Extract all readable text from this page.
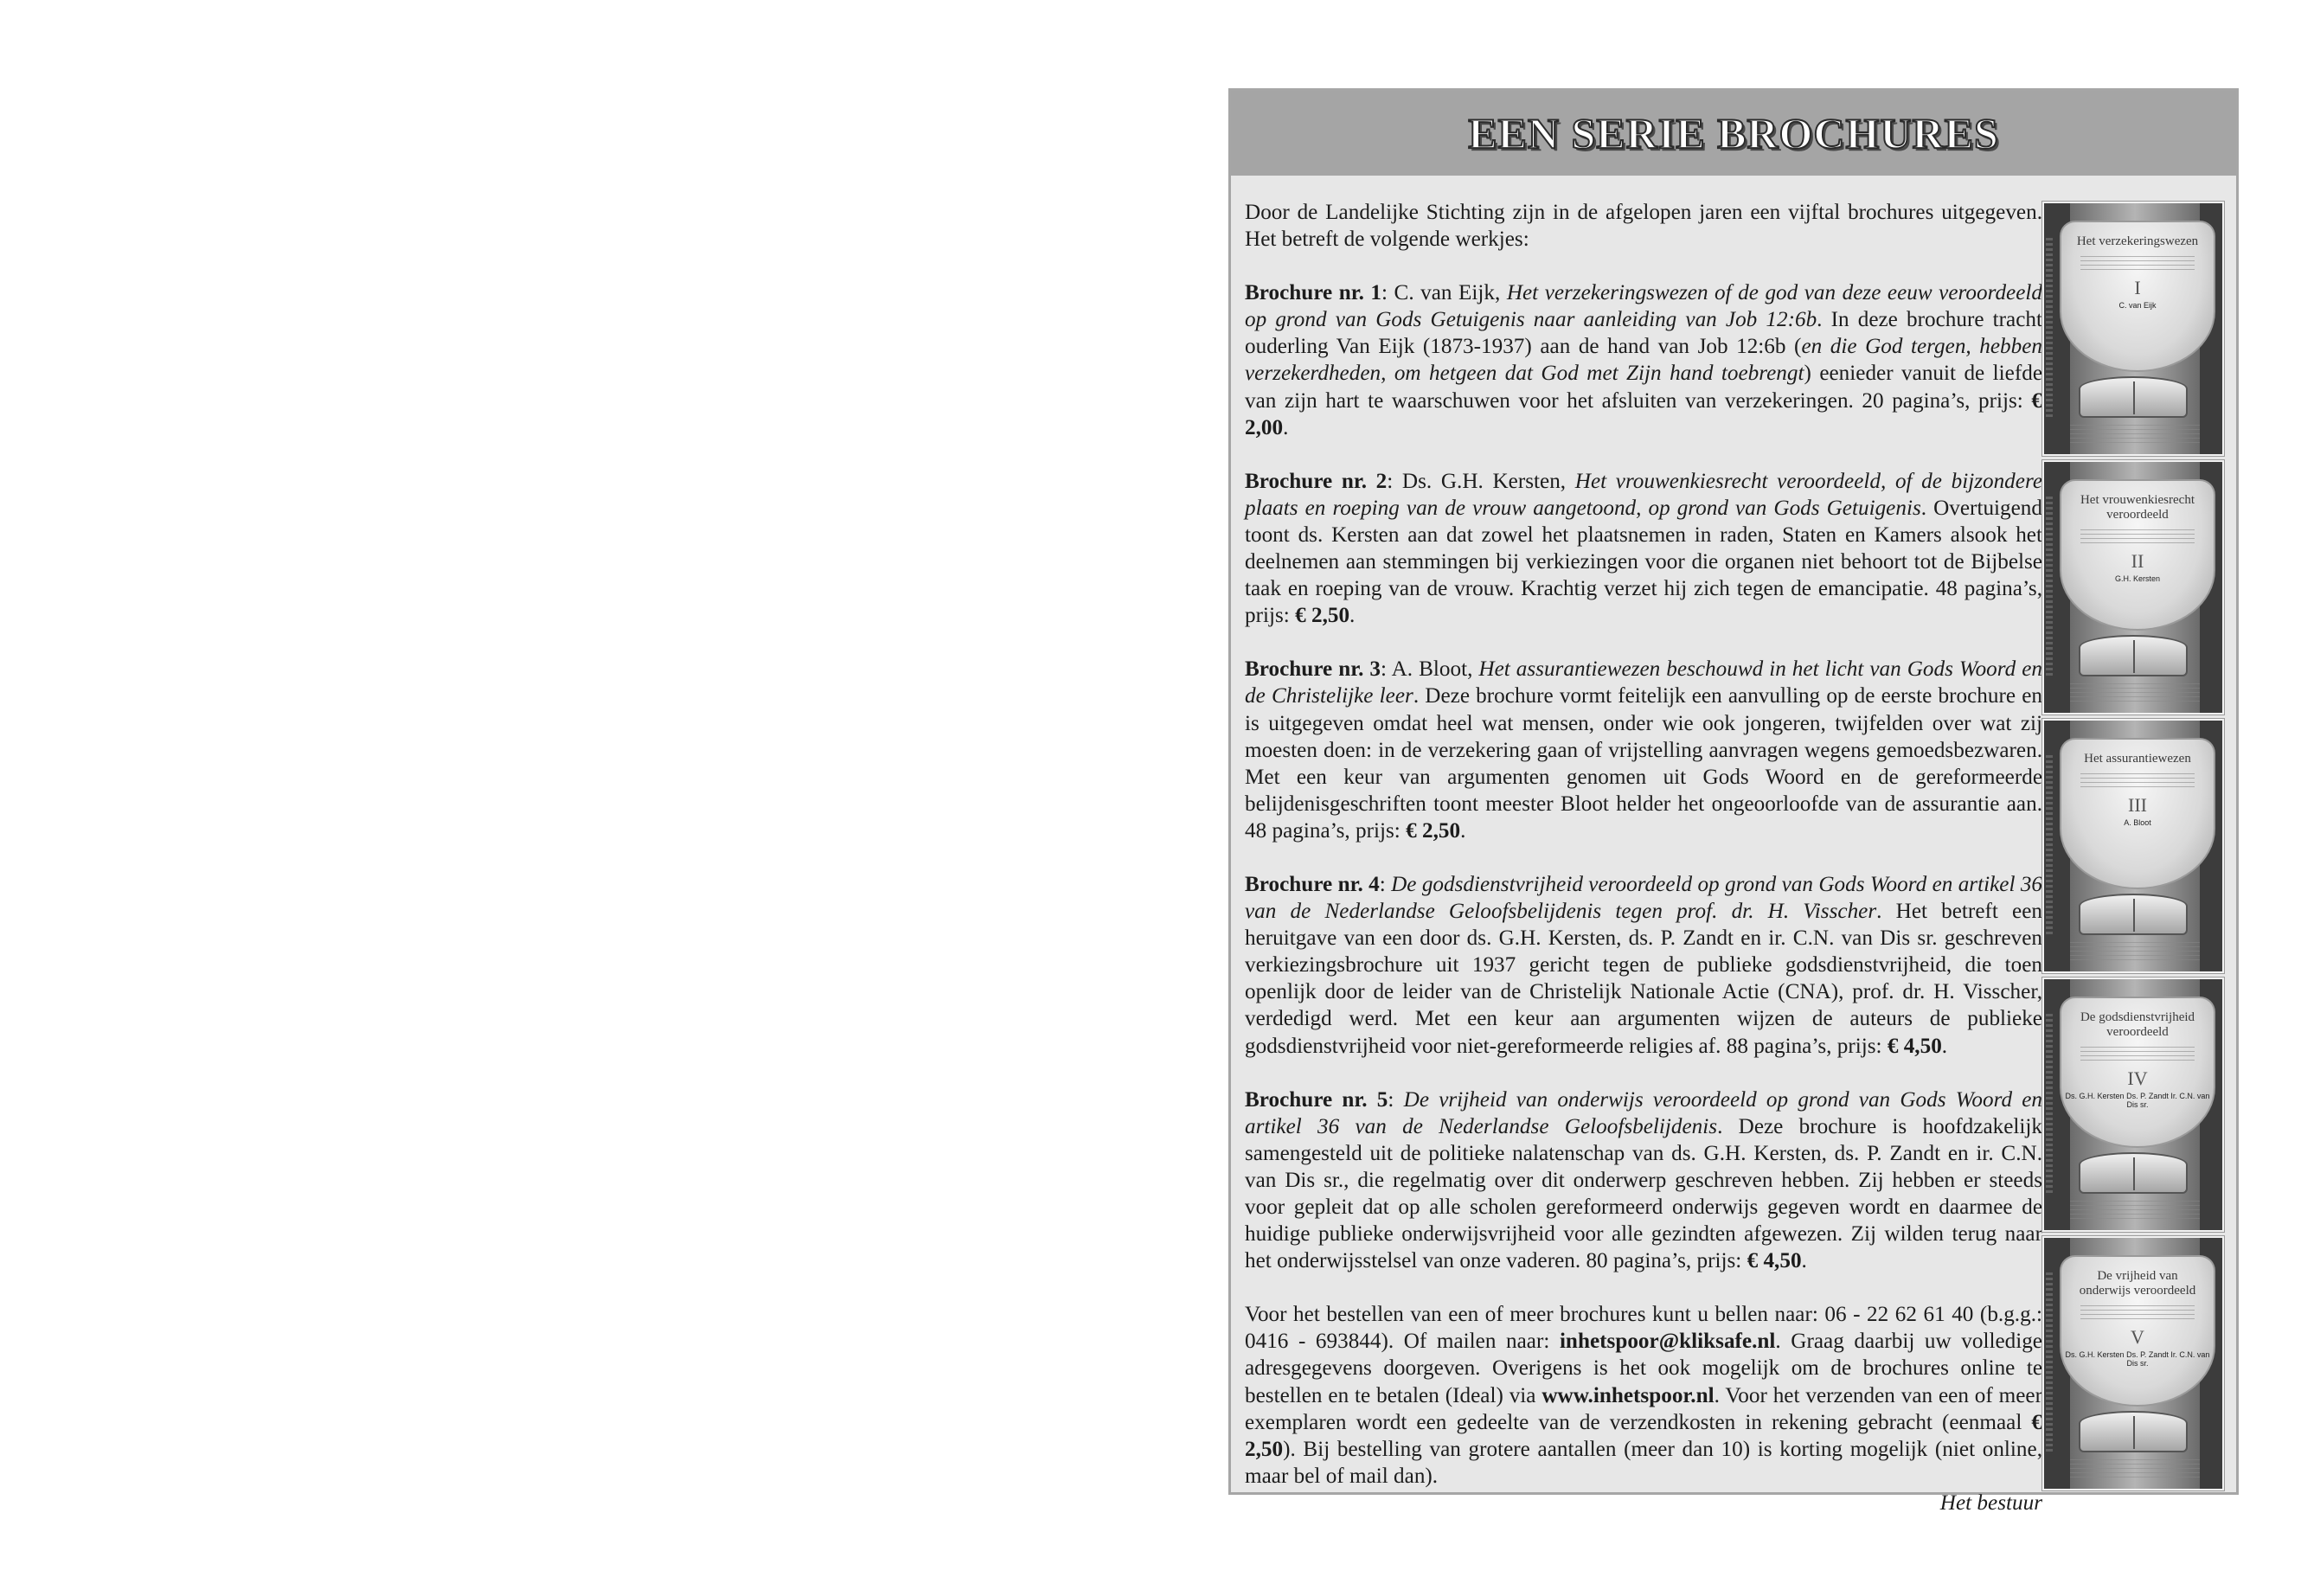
EEN SERIE BROCHURES

Door de Landelijke Stichting zijn in de afgelopen jaren een vijftal brochures uitgegeven. Het betreft de volgende werkjes:

Brochure nr. 1: C. van Eijk, Het verzekeringswezen of de god van deze eeuw veroordeeld op grond van Gods Getuigenis naar aanleiding van Job 12:6b. In deze brochure tracht ouderling Van Eijk (1873-1937) aan de hand van Job 12:6b (en die God tergen, hebben verzekerdheden, om hetgeen dat God met Zijn hand toebrengt) eenieder vanuit de liefde van zijn hart te waarschuwen voor het afsluiten van verzekeringen. 20 pagina’s, prijs: € 2,00.

Brochure nr. 2: Ds. G.H. Kersten, Het vrouwenkiesrecht veroordeeld, of de bijzondere plaats en roeping van de vrouw aangetoond, op grond van Gods Getuigenis. Overtuigend toont ds. Kersten aan dat zowel het plaatsnemen in raden, Staten en Kamers alsook het deelnemen aan stemmingen bij verkiezingen voor die organen niet behoort tot de Bijbelse taak en roeping van de vrouw. Krachtig verzet hij zich tegen de emancipatie. 48 pagina’s, prijs: € 2,50.

Brochure nr. 3: A. Bloot, Het assurantiewezen beschouwd in het licht van Gods Woord en de Christelijke leer. Deze brochure vormt feitelijk een aanvulling op de eerste brochure en is uitgegeven omdat heel wat mensen, onder wie ook jongeren, twijfelden over wat zij moesten doen: in de verzekering gaan of vrijstelling aanvragen wegens gemoedsbezwaren. Met een keur van argumenten genomen uit Gods Woord en de gereformeerde belijdenisgeschriften toont meester Bloot helder het ongeoorloofde van de assurantie aan. 48 pagina’s, prijs: € 2,50.

Brochure nr. 4: De godsdienstvrijheid veroordeeld op grond van Gods Woord en artikel 36 van de Nederlandse Geloofsbelijdenis tegen prof. dr. H. Visscher. Het betreft een heruitgave van een door ds. G.H. Kersten, ds. P. Zandt en ir. C.N. van Dis sr. geschreven verkiezingsbrochure uit 1937 gericht tegen de publieke godsdienstvrijheid, die toen openlijk door de leider van de Christelijk Nationale Actie (CNA), prof. dr. H. Visscher, verdedigd werd. Met een keur aan argumenten wijzen de auteurs de publieke godsdienstvrijheid voor niet-gereformeerde religies af. 88 pagina’s, prijs: € 4,50.

Brochure nr. 5: De vrijheid van onderwijs veroordeeld op grond van Gods Woord en artikel 36 van de Nederlandse Geloofsbelijdenis. Deze brochure is hoofdzakelijk samengesteld uit de politieke nalatenschap van ds. G.H. Kersten, ds. P. Zandt en ir. C.N. van Dis sr., die regelmatig over dit onderwerp geschreven hebben. Zij hebben er steeds voor gepleit dat op alle scholen gereformeerd onderwijs gegeven wordt en daarmee de huidige publieke onderwijsvrijheid voor alle gezindten afgewezen. Zij wilden terug naar het onderwijsstelsel van onze vaderen. 80 pagina’s, prijs: € 4,50.

Voor het bestellen van een of meer brochures kunt u bellen naar: 06 - 22 62 61 40 (b.g.g.: 0416 - 693844). Of mailen naar: inhetspoor@kliksafe.nl. Graag daarbij uw volledige adresgegevens doorgeven. Overigens is het ook mogelijk om de brochures online te bestellen en te betalen (Ideal) via www.inhetspoor.nl. Voor het verzenden van een of meer exemplaren wordt een gedeelte van de verzendkosten in rekening gebracht (eenmaal € 2,50). Bij bestelling van grotere aantallen (meer dan 10) is korting mogelijk (niet online, maar bel of mail dan).

Het bestuur

Het verzekeringswezen
I
C. van Eijk
Het vrouwenkiesrecht veroordeeld
II
G.H. Kersten
Het assurantiewezen
III
A. Bloot
De godsdienstvrijheid veroordeeld
IV
Ds. G.H. Kersten Ds. P. Zandt Ir. C.N. van Dis sr.
De vrijheid van onderwijs veroordeeld
V
Ds. G.H. Kersten Ds. P. Zandt Ir. C.N. van Dis sr.
